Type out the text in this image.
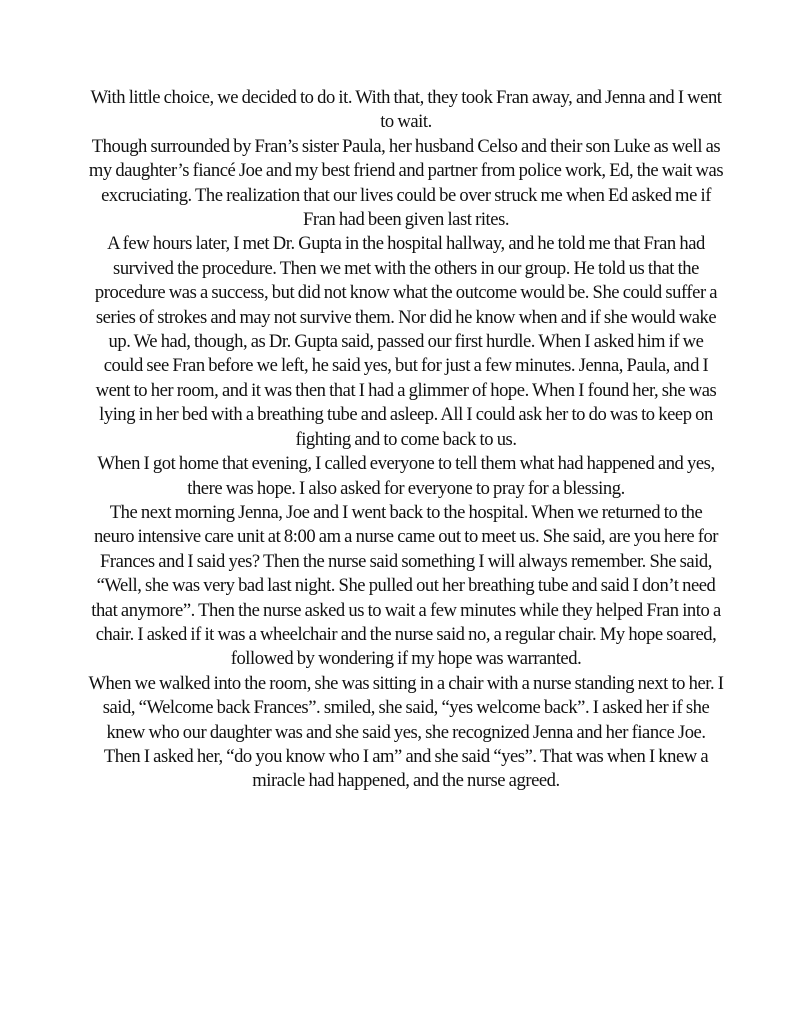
With little choice, we decided to do it. With that, they took Fran away, and Jenna and I went to wait.

Though surrounded by Fran’s sister Paula, her husband Celso and their son Luke as well as my daughter’s fiancé Joe and my best friend and partner from police work, Ed, the wait was excruciating. The realization that our lives could be over struck me when Ed asked me if Fran had been given last rites.

A few hours later, I met Dr. Gupta in the hospital hallway, and he told me that Fran had survived the procedure. Then we met with the others in our group. He told us that the procedure was a success, but did not know what the outcome would be. She could suffer a series of strokes and may not survive them. Nor did he know when and if she would wake up. We had, though, as Dr. Gupta said, passed our first hurdle. When I asked him if we could see Fran before we left, he said yes, but for just a few minutes. Jenna, Paula, and I went to her room, and it was then that I had a glimmer of hope. When I found her, she was lying in her bed with a breathing tube and asleep. All I could ask her to do was to keep on fighting and to come back to us.

When I got home that evening, I called everyone to tell them what had happened and yes, there was hope. I also asked for everyone to pray for a blessing.

The next morning Jenna, Joe and I went back to the hospital. When we returned to the neuro intensive care unit at 8:00 am a nurse came out to meet us. She said, are you here for Frances and I said yes? Then the nurse said something I will always remember. She said, “Well, she was very bad last night. She pulled out her breathing tube and said I don’t need that anymore”. Then the nurse asked us to wait a few minutes while they helped Fran into a chair. I asked if it was a wheelchair and the nurse said no, a regular chair. My hope soared, followed by wondering if my hope was warranted.

When we walked into the room, she was sitting in a chair with a nurse standing next to her. I said, “Welcome back Frances”. smiled, she said, “yes welcome back”. I asked her if she knew who our daughter was and she said yes, she recognized Jenna and her fiance Joe. Then I asked her, “do you know who I am” and she said “yes”. That was when I knew a miracle had happened, and the nurse agreed.
